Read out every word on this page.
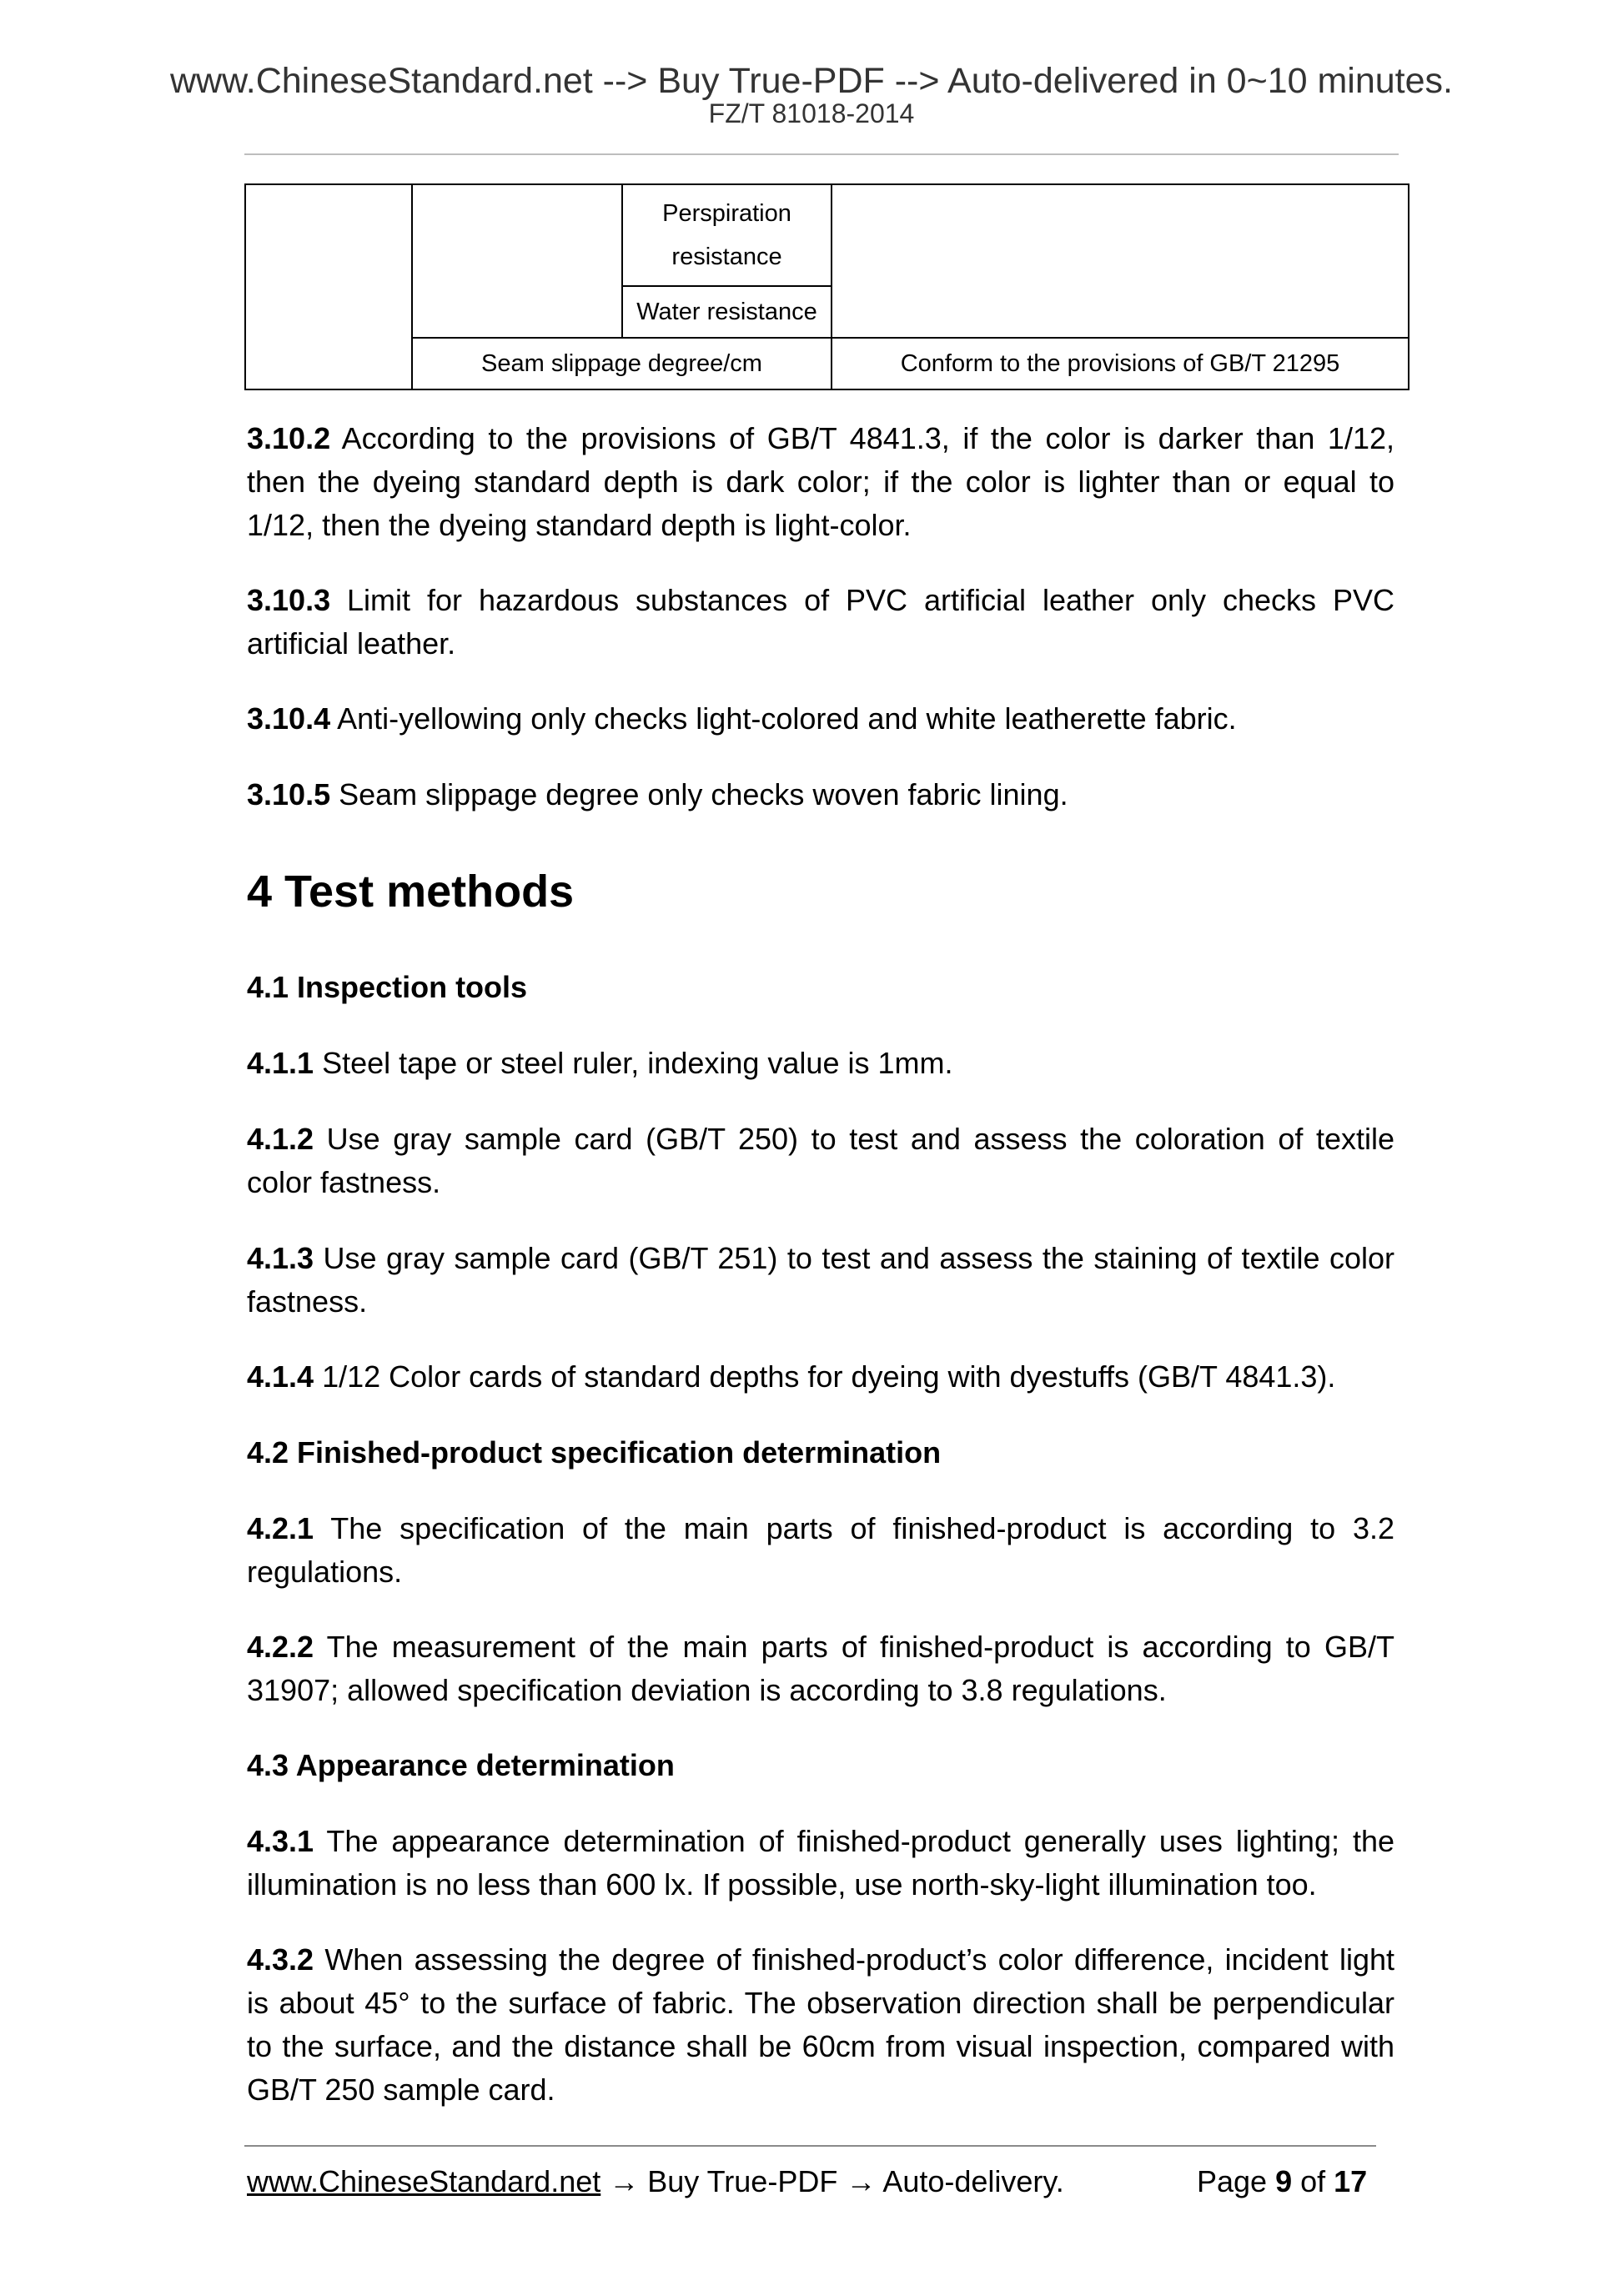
www.ChineseStandard.net --> Buy True-PDF --> Auto-delivered in 0~10 minutes.
FZ/T 81018-2014
		Perspiration resistance	
		Water resistance	
	Seam slippage degree/cm		Conform to the provisions of GB/T 21295

3.10.2 According to the provisions of GB/T 4841.3, if the color is darker than 1/12, then the dyeing standard depth is dark color; if the color is lighter than or equal to 1/12, then the dyeing standard depth is light-color.

3.10.3 Limit for hazardous substances of PVC artificial leather only checks PVC artificial leather.

3.10.4 Anti-yellowing only checks light-colored and white leatherette fabric.

3.10.5 Seam slippage degree only checks woven fabric lining.

4 Test methods
4.1 Inspection tools

4.1.1 Steel tape or steel ruler, indexing value is 1mm.

4.1.2 Use gray sample card (GB/T 250) to test and assess the coloration of textile color fastness.

4.1.3 Use gray sample card (GB/T 251) to test and assess the staining of textile color fastness.

4.1.4 1/12 Color cards of standard depths for dyeing with dyestuffs (GB/T 4841.3).

4.2 Finished-product specification determination

4.2.1 The specification of the main parts of finished-product is according to 3.2 regulations.

4.2.2 The measurement of the main parts of finished-product is according to GB/T 31907; allowed specification deviation is according to 3.8 regulations.

4.3 Appearance determination

4.3.1 The appearance determination of finished-product generally uses lighting; the illumination is no less than 600 lx. If possible, use north-sky-light illumination too.

4.3.2 When assessing the degree of finished-product’s color difference, incident light is about 45° to the surface of fabric. The observation direction shall be perpendicular to the surface, and the distance shall be 60cm from visual inspection, compared with GB/T 250 sample card.

www.ChineseStandard.net → Buy True-PDF → Auto-delivery.	Page 9 of 17
